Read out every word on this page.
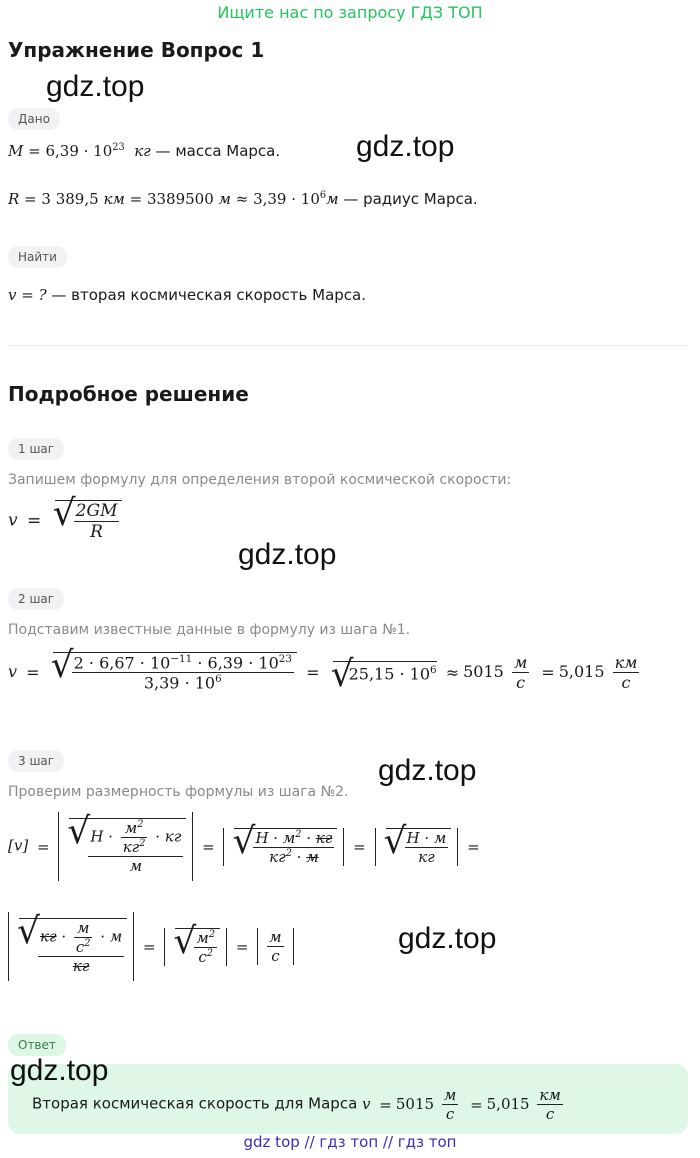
Ищите нас по запросу ГДЗ ТОП
Упражнение Вопрос 1
gdz.top
gdz.top
gdz.top
gdz.top
gdz.top
gdz.top
Дано
$M = 6,39 \cdot 10^{23}$  кг — масса Марса.
R = 3 389,5 км = 3389500 $м \approx 3,39 \cdot 10^6м$ — радиус Марса.
Найти
v = ? — вторая космическая скорость Марса.
Подробное решение
1 шаг
Запишем формулу для определения второй космической скорости:
v = √ $\frac{2GM}{R}$
2 шаг
Подставим известные данные в формулу из шага №1.
v = √ $\frac{2 \cdot 6,67 \cdot 10^{-11} \cdot 6,39 \cdot 10^{23}}{3,39 \cdot 10^6}$ = √ $25,15 \cdot 10^6 \approx 5015 \frac{м}{с} = 5,015 \frac{км}{с}$
3 шаг
Проверим размерность формулы из шага №2.
[v] =	√ $\frac{Н \cdot \frac{м^2}{кг^2} \cdot кг}{м}$ =	√ $\frac{Н \cdot м^2 \cdot кг}{кг^2 \cdot м}$ =	√ $\frac{Н \cdot м}{кг}$ =
√ $\frac{кг \cdot \frac{м}{с^2} \cdot м}{кг}$ =	√ $\frac{м^2}{с^2} = \frac{м}{с}$
Ответ
Вторая космическая скорость для Марса $v = 5015 \frac{м}{с} = 5,015 \frac{км}{с}$
gdz top // гдз топ // гдз топ
